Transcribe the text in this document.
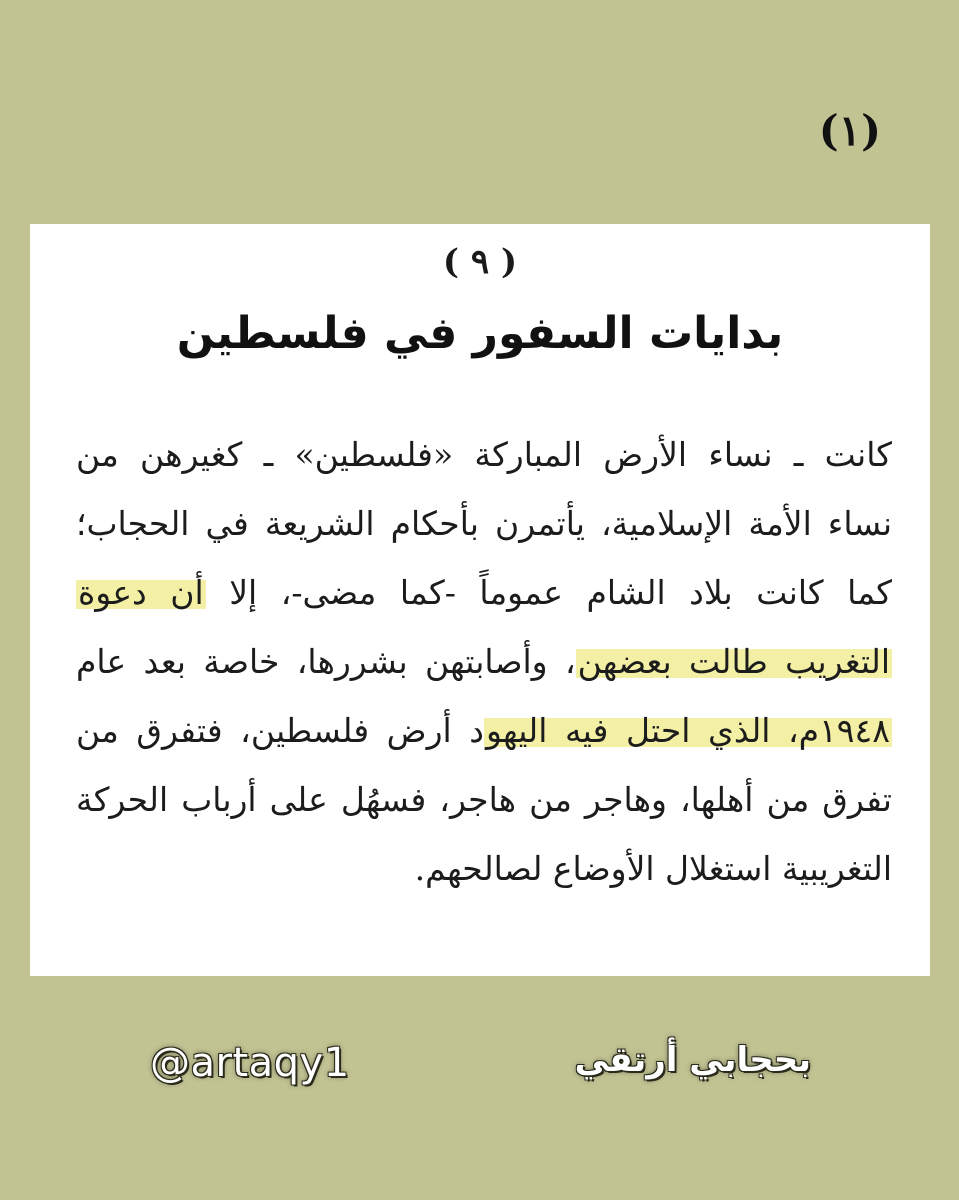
(١)
( ٩ )
بدايات السفور في فلسطين
كانت ـ نساء الأرض المباركة «فلسطين» ـ كغيرهن من
نساء الأمة الإسلامية، يأتمرن بأحكام الشريعة في الحجاب؛
كما كانت بلاد الشام عموماً -كما مضى-، إلا أن دعوة
التغريب طالت بعضهن، وأصابتهن بشررها، خاصة بعد عام
١٩٤٨م، الذي احتل فيه اليهود أرض فلسطين، فتفرق من
تفرق من أهلها، وهاجر من هاجر، فسهُل على أرباب الحركة
التغريبية استغلال الأوضاع لصالحهم.
@artaqy1	بحجابي أرتقي
